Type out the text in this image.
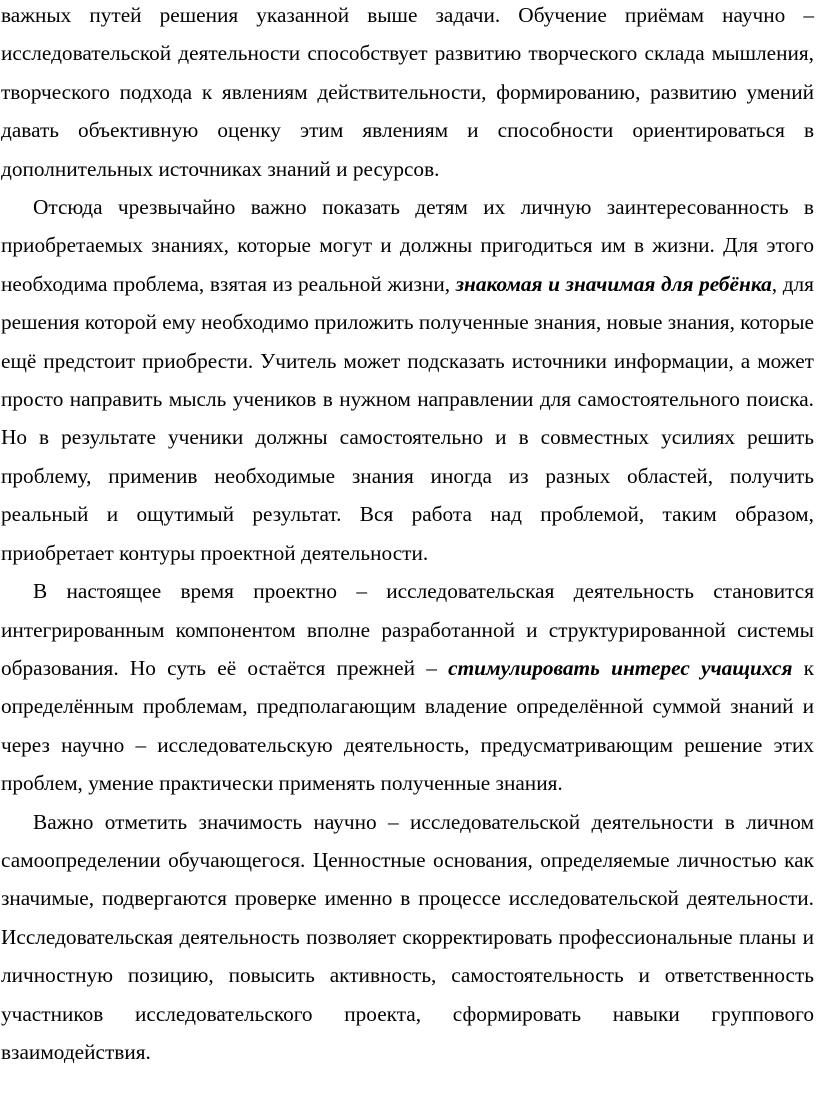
важных путей решения указанной выше задачи. Обучение приёмам научно – исследовательской деятельности способствует развитию творческого склада мышления, творческого подхода к явлениям действительности, формированию, развитию умений давать объективную оценку этим явлениям и способности ориентироваться в дополнительных источниках знаний и ресурсов.

Отсюда чрезвычайно важно показать детям их личную заинтересованность в приобретаемых знаниях, которые могут и должны пригодиться им в жизни. Для этого необходима проблема, взятая из реальной жизни, знакомая и значимая для ребёнка, для решения которой ему необходимо приложить полученные знания, новые знания, которые ещё предстоит приобрести. Учитель может подсказать источники информации, а может просто направить мысль учеников в нужном направлении для самостоятельного поиска. Но в результате ученики должны самостоятельно и в совместных усилиях решить проблему, применив необходимые знания иногда из разных областей, получить реальный и ощутимый результат. Вся работа над проблемой, таким образом, приобретает контуры проектной деятельности.

В настоящее время проектно – исследовательская деятельность становится интегрированным компонентом вполне разработанной и структурированной системы образования. Но суть её остаётся прежней – стимулировать интерес учащихся к определённым проблемам, предполагающим владение определённой суммой знаний и через научно – исследовательскую деятельность, предусматривающим решение этих проблем, умение практически применять полученные знания.

Важно отметить значимость научно – исследовательской деятельности в личном самоопределении обучающегося. Ценностные основания, определяемые личностью как значимые, подвергаются проверке именно в процессе исследовательской деятельности. Исследовательская деятельность позволяет скорректировать профессиональные планы и личностную позицию, повысить активность, самостоятельность и ответственность участников исследовательского проекта, сформировать навыки группового взаимодействия.
